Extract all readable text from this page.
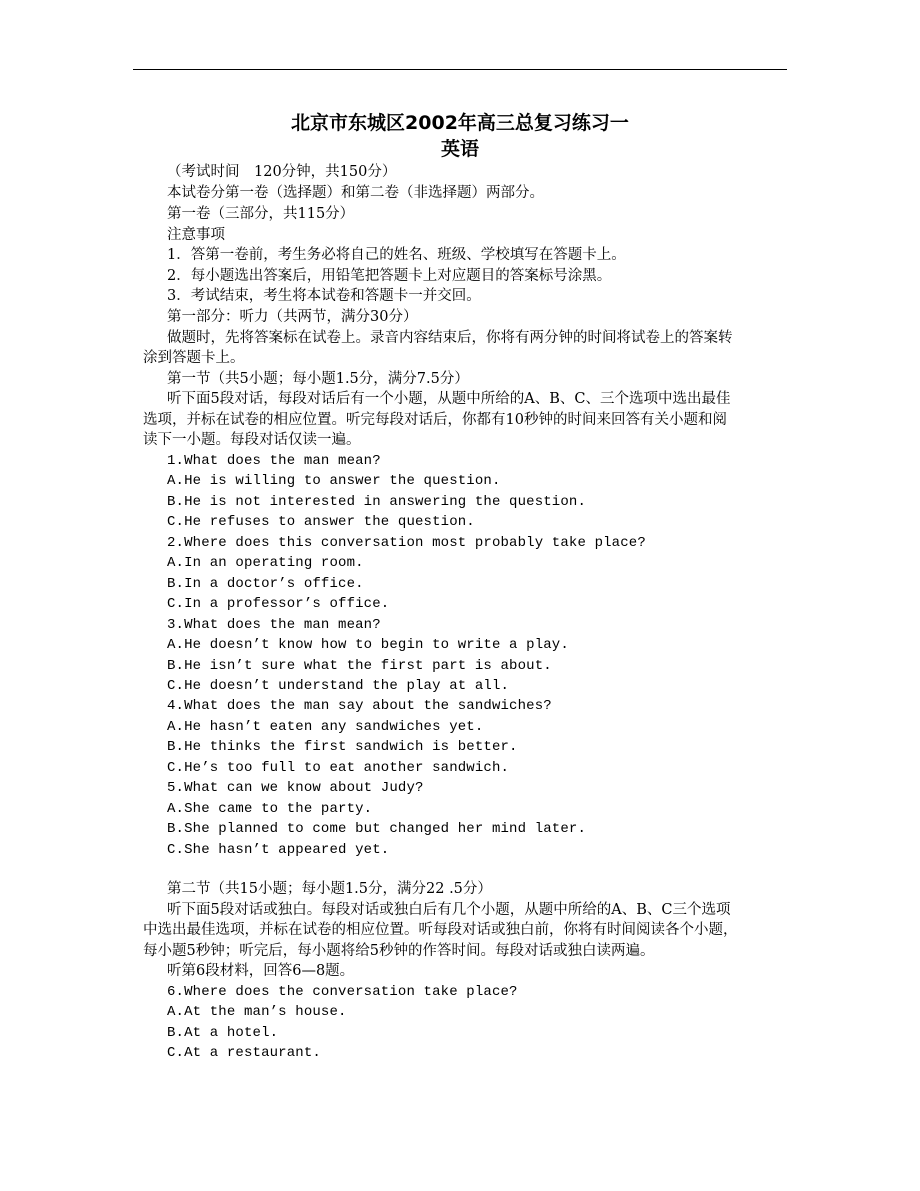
北京市东城区2002年高三总复习练习一
英语
（考试时间　120分钟，共150分）
本试卷分第一卷（选择题）和第二卷（非选择题）两部分。
第一卷（三部分，共115分）
注意事项
1．答第一卷前，考生务必将自己的姓名、班级、学校填写在答题卡上。
2．每小题选出答案后，用铅笔把答题卡上对应题目的答案标号涂黑。
3．考试结束，考生将本试卷和答题卡一并交回。
第一部分：听力（共两节，满分30分）
做题时，先将答案标在试卷上。录音内容结束后，你将有两分钟的时间将试卷上的答案转
涂到答题卡上。
第一节（共5小题；每小题1.5分，满分7.5分）
听下面5段对话，每段对话后有一个小题，从题中所给的A、B、C、三个选项中选出最佳
选项，并标在试卷的相应位置。听完每段对话后，你都有10秒钟的时间来回答有关小题和阅
读下一小题。每段对话仅读一遍。
1.What does the man mean?
A.He is willing to answer the question.
B.He is not interested in answering the question.
C.He refuses to answer the question.
2.Where does this conversation most probably take place?
A.In an operating room.
B.In a doctor’s office.
C.In a professor’s office.
3.What does the man mean?
A.He doesn’t know how to begin to write a play.
B.He isn’t sure what the first part is about.
C.He doesn’t understand the play at all.
4.What does the man say about the sandwiches?
A.He hasn’t eaten any sandwiches yet.
B.He thinks the first sandwich is better.
C.He’s too full to eat another sandwich.
5.What can we know about Judy?
A.She came to the party.
B.She planned to come but changed her mind later.
C.She hasn’t appeared yet.
第二节（共15小题；每小题1.5分，满分22 .5分）
听下面5段对话或独白。每段对话或独白后有几个小题，从题中所给的A、B、C三个选项
中选出最佳选项，并标在试卷的相应位置。听每段对话或独白前，你将有时间阅读各个小题，
每小题5秒钟；听完后，每小题将给5秒钟的作答时间。每段对话或独白读两遍。
听第6段材料，回答6—8题。
6.Where does the conversation take place?
A.At the man’s house.
B.At a hotel.
C.At a restaurant.
